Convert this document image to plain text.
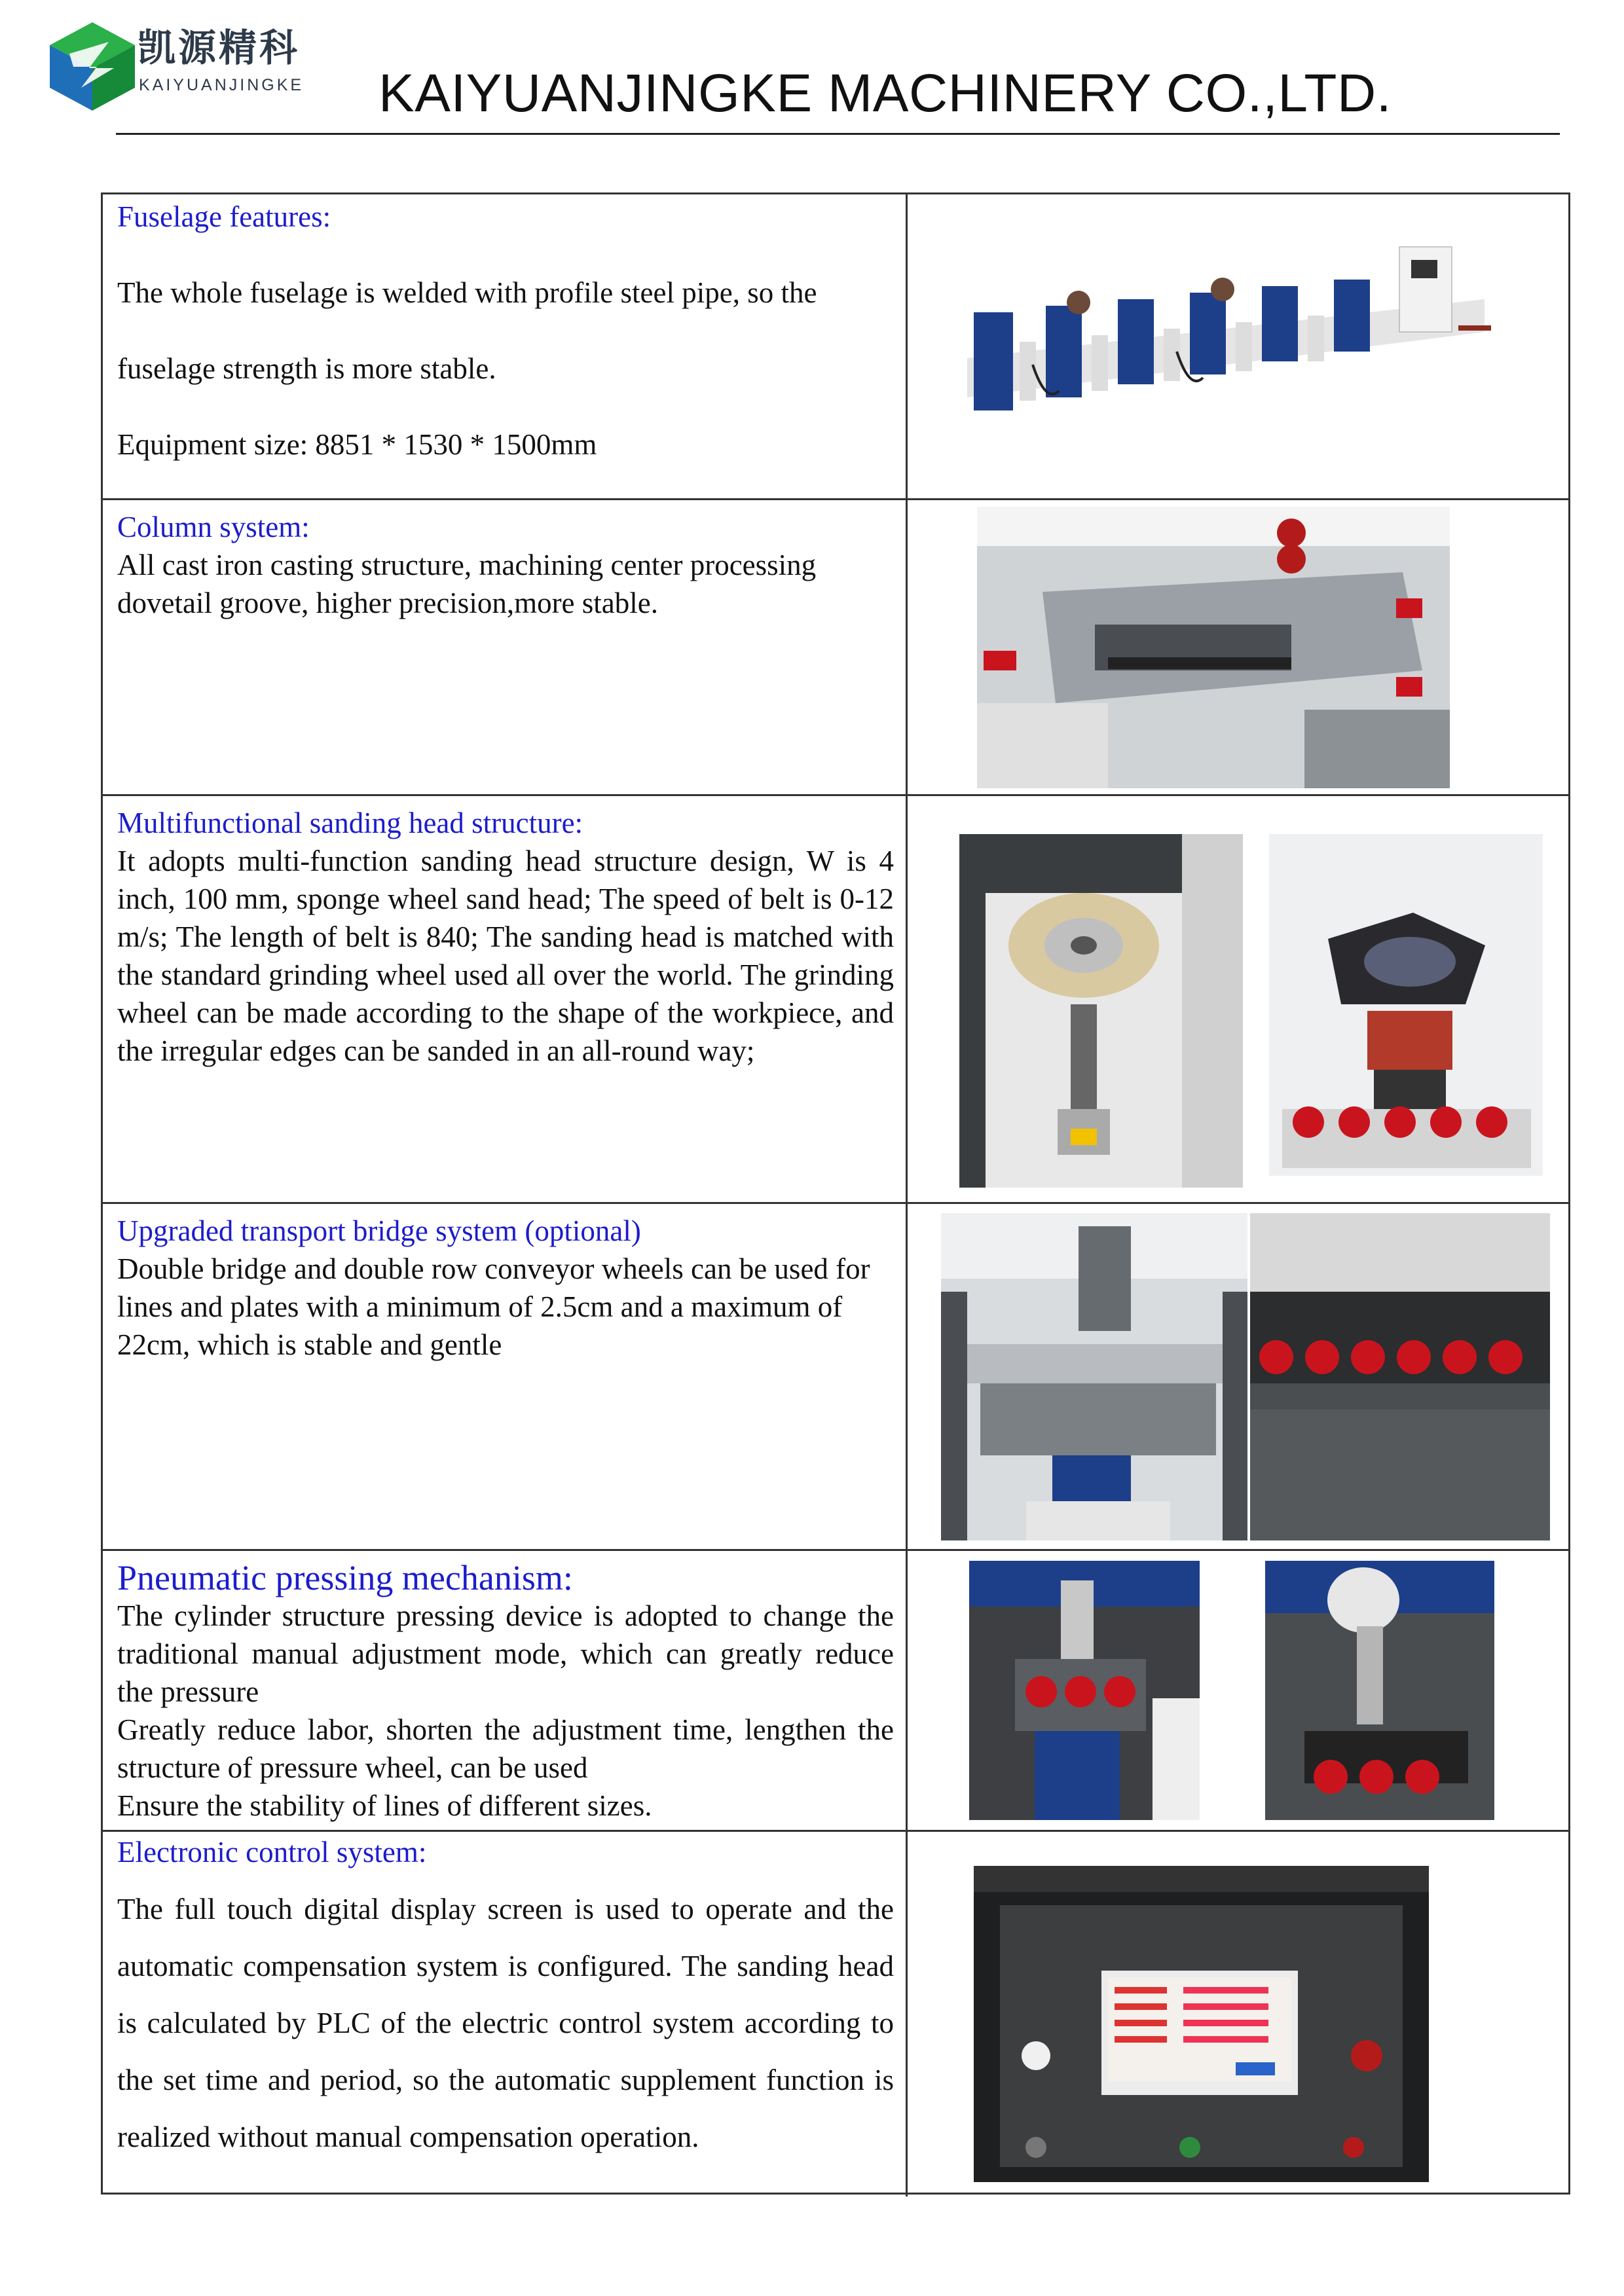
凯源精科
KAIYUANJINGKE KAIYUANJINGKE MACHINERY CO.,LTD.
Fuselage features:
The whole fuselage is welded with profile steel pipe, so the
fuselage strength is more stable.
Equipment size: 8851 * 1530 * 1500mm
Column system:
All cast iron casting structure, machining center processing dovetail groove, higher precision,more stable.
Multifunctional sanding head structure:
It adopts multi-function sanding head structure design, W is 4 inch, 100 mm, sponge wheel sand head; The speed of belt is 0-12 m/s; The length of belt is 840; The sanding head is matched with the standard grinding wheel used all over the world. The grinding wheel can be made according to the shape of the workpiece, and the irregular edges can be sanded in an all-round way;
Upgraded transport bridge system (optional)
Double bridge and double row conveyor wheels can be used for lines and plates with a minimum of 2.5cm and a maximum of 22cm, which is stable and gentle
Pneumatic pressing mechanism:
The cylinder structure pressing device is adopted to change the traditional manual adjustment mode, which can greatly reduce the pressure
Greatly reduce labor, shorten the adjustment time, lengthen the structure of pressure wheel, can be used
Ensure the stability of lines of different sizes.
Electronic control system:
The full touch digital display screen is used to operate and the automatic compensation system is configured. The sanding head is calculated by PLC of the electric control system according to the set time and period, so the automatic supplement function is realized without manual compensation operation.
